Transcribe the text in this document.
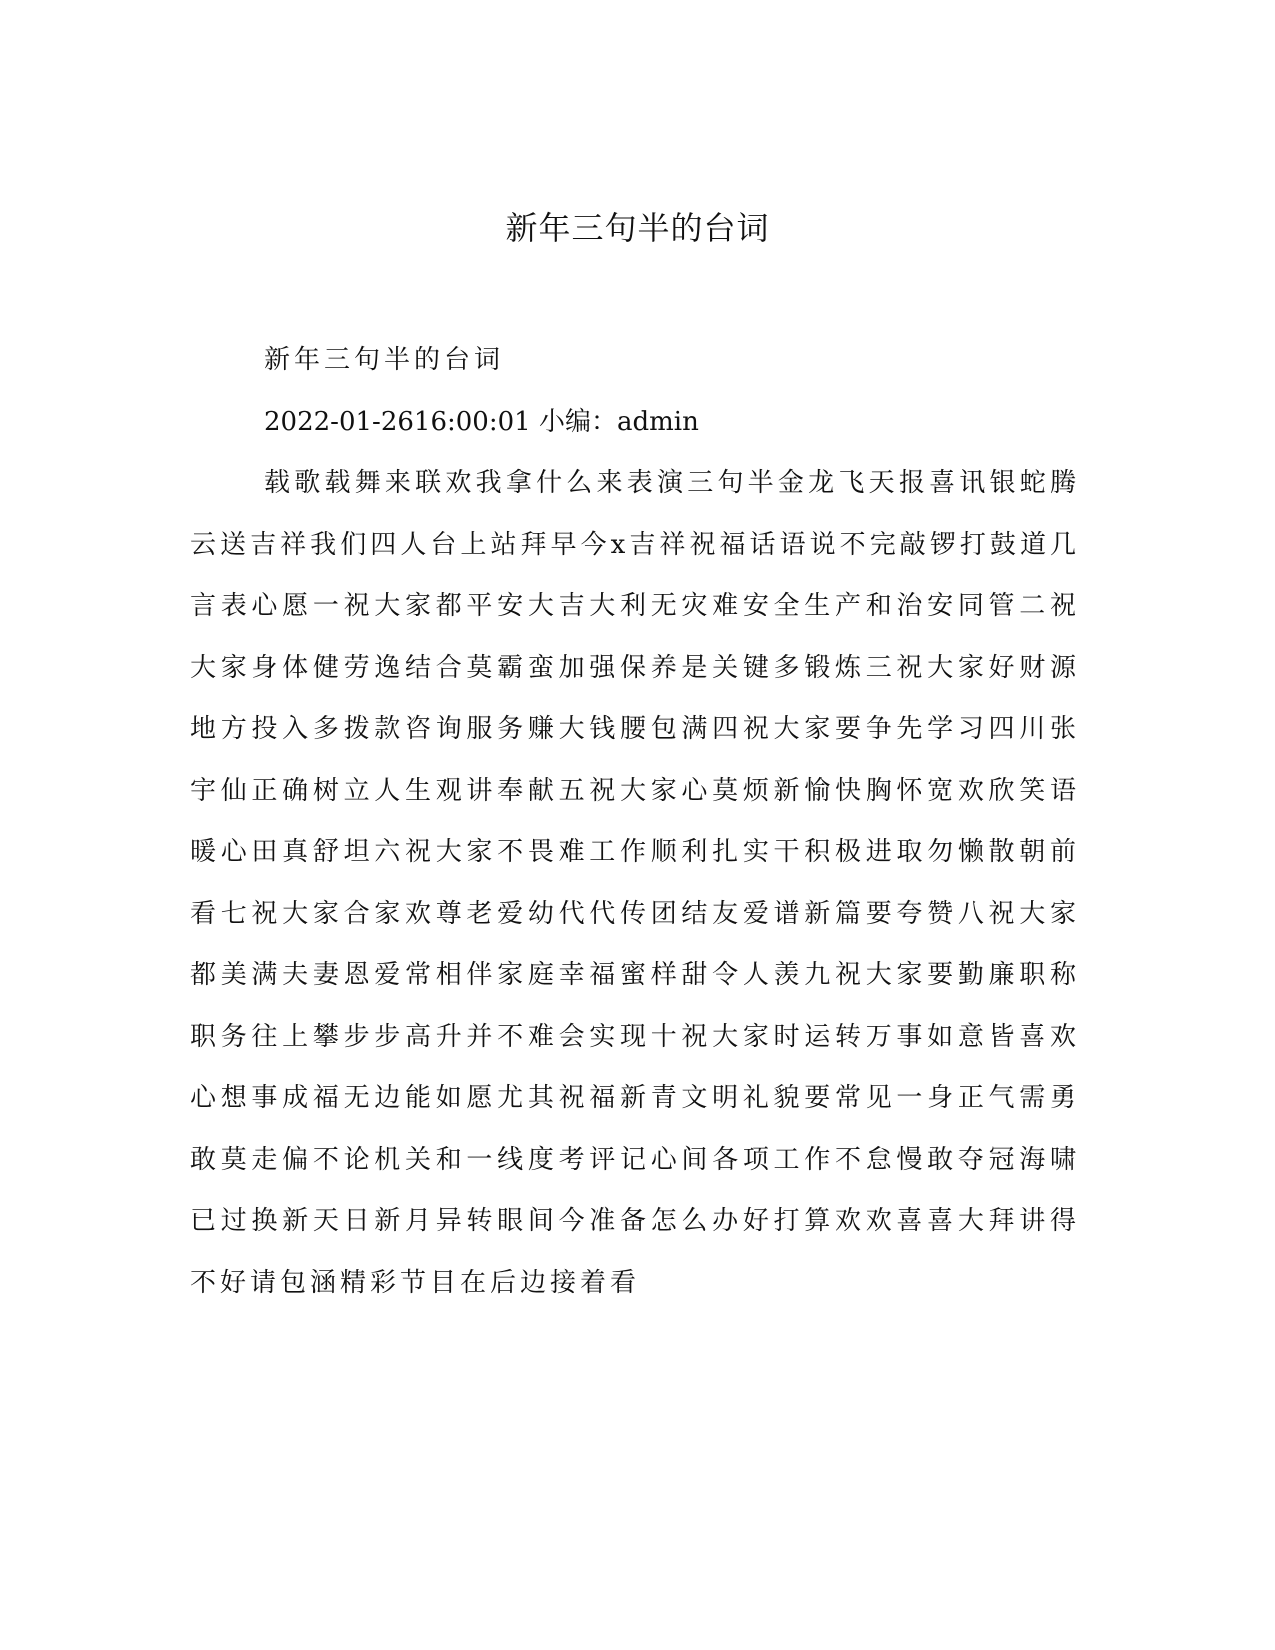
新年三句半的台词

新年三句半的台词

2022-01-2616:00:01 小编：admin

载歌载舞来联欢我拿什么来表演三句半金龙飞天报喜讯银蛇腾云送吉祥我们四人台上站拜早今x吉祥祝福话语说不完敲锣打鼓道几言表心愿一祝大家都平安大吉大利无灾难安全生产和治安同管二祝大家身体健劳逸结合莫霸蛮加强保养是关键多锻炼三祝大家好财源地方投入多拨款咨询服务赚大钱腰包满四祝大家要争先学习四川张宇仙正确树立人生观讲奉献五祝大家心莫烦新愉快胸怀宽欢欣笑语暖心田真舒坦六祝大家不畏难工作顺利扎实干积极进取勿懒散朝前看七祝大家合家欢尊老爱幼代代传团结友爱谱新篇要夸赞八祝大家都美满夫妻恩爱常相伴家庭幸福蜜样甜令人羡九祝大家要勤廉职称职务往上攀步步高升并不难会实现十祝大家时运转万事如意皆喜欢心想事成福无边能如愿尤其祝福新青文明礼貌要常见一身正气需勇敢莫走偏不论机关和一线度考评记心间各项工作不怠慢敢夺冠海啸已过换新天日新月异转眼间今准备怎么办好打算欢欢喜喜大拜讲得不好请包涵精彩节目在后边接着看
